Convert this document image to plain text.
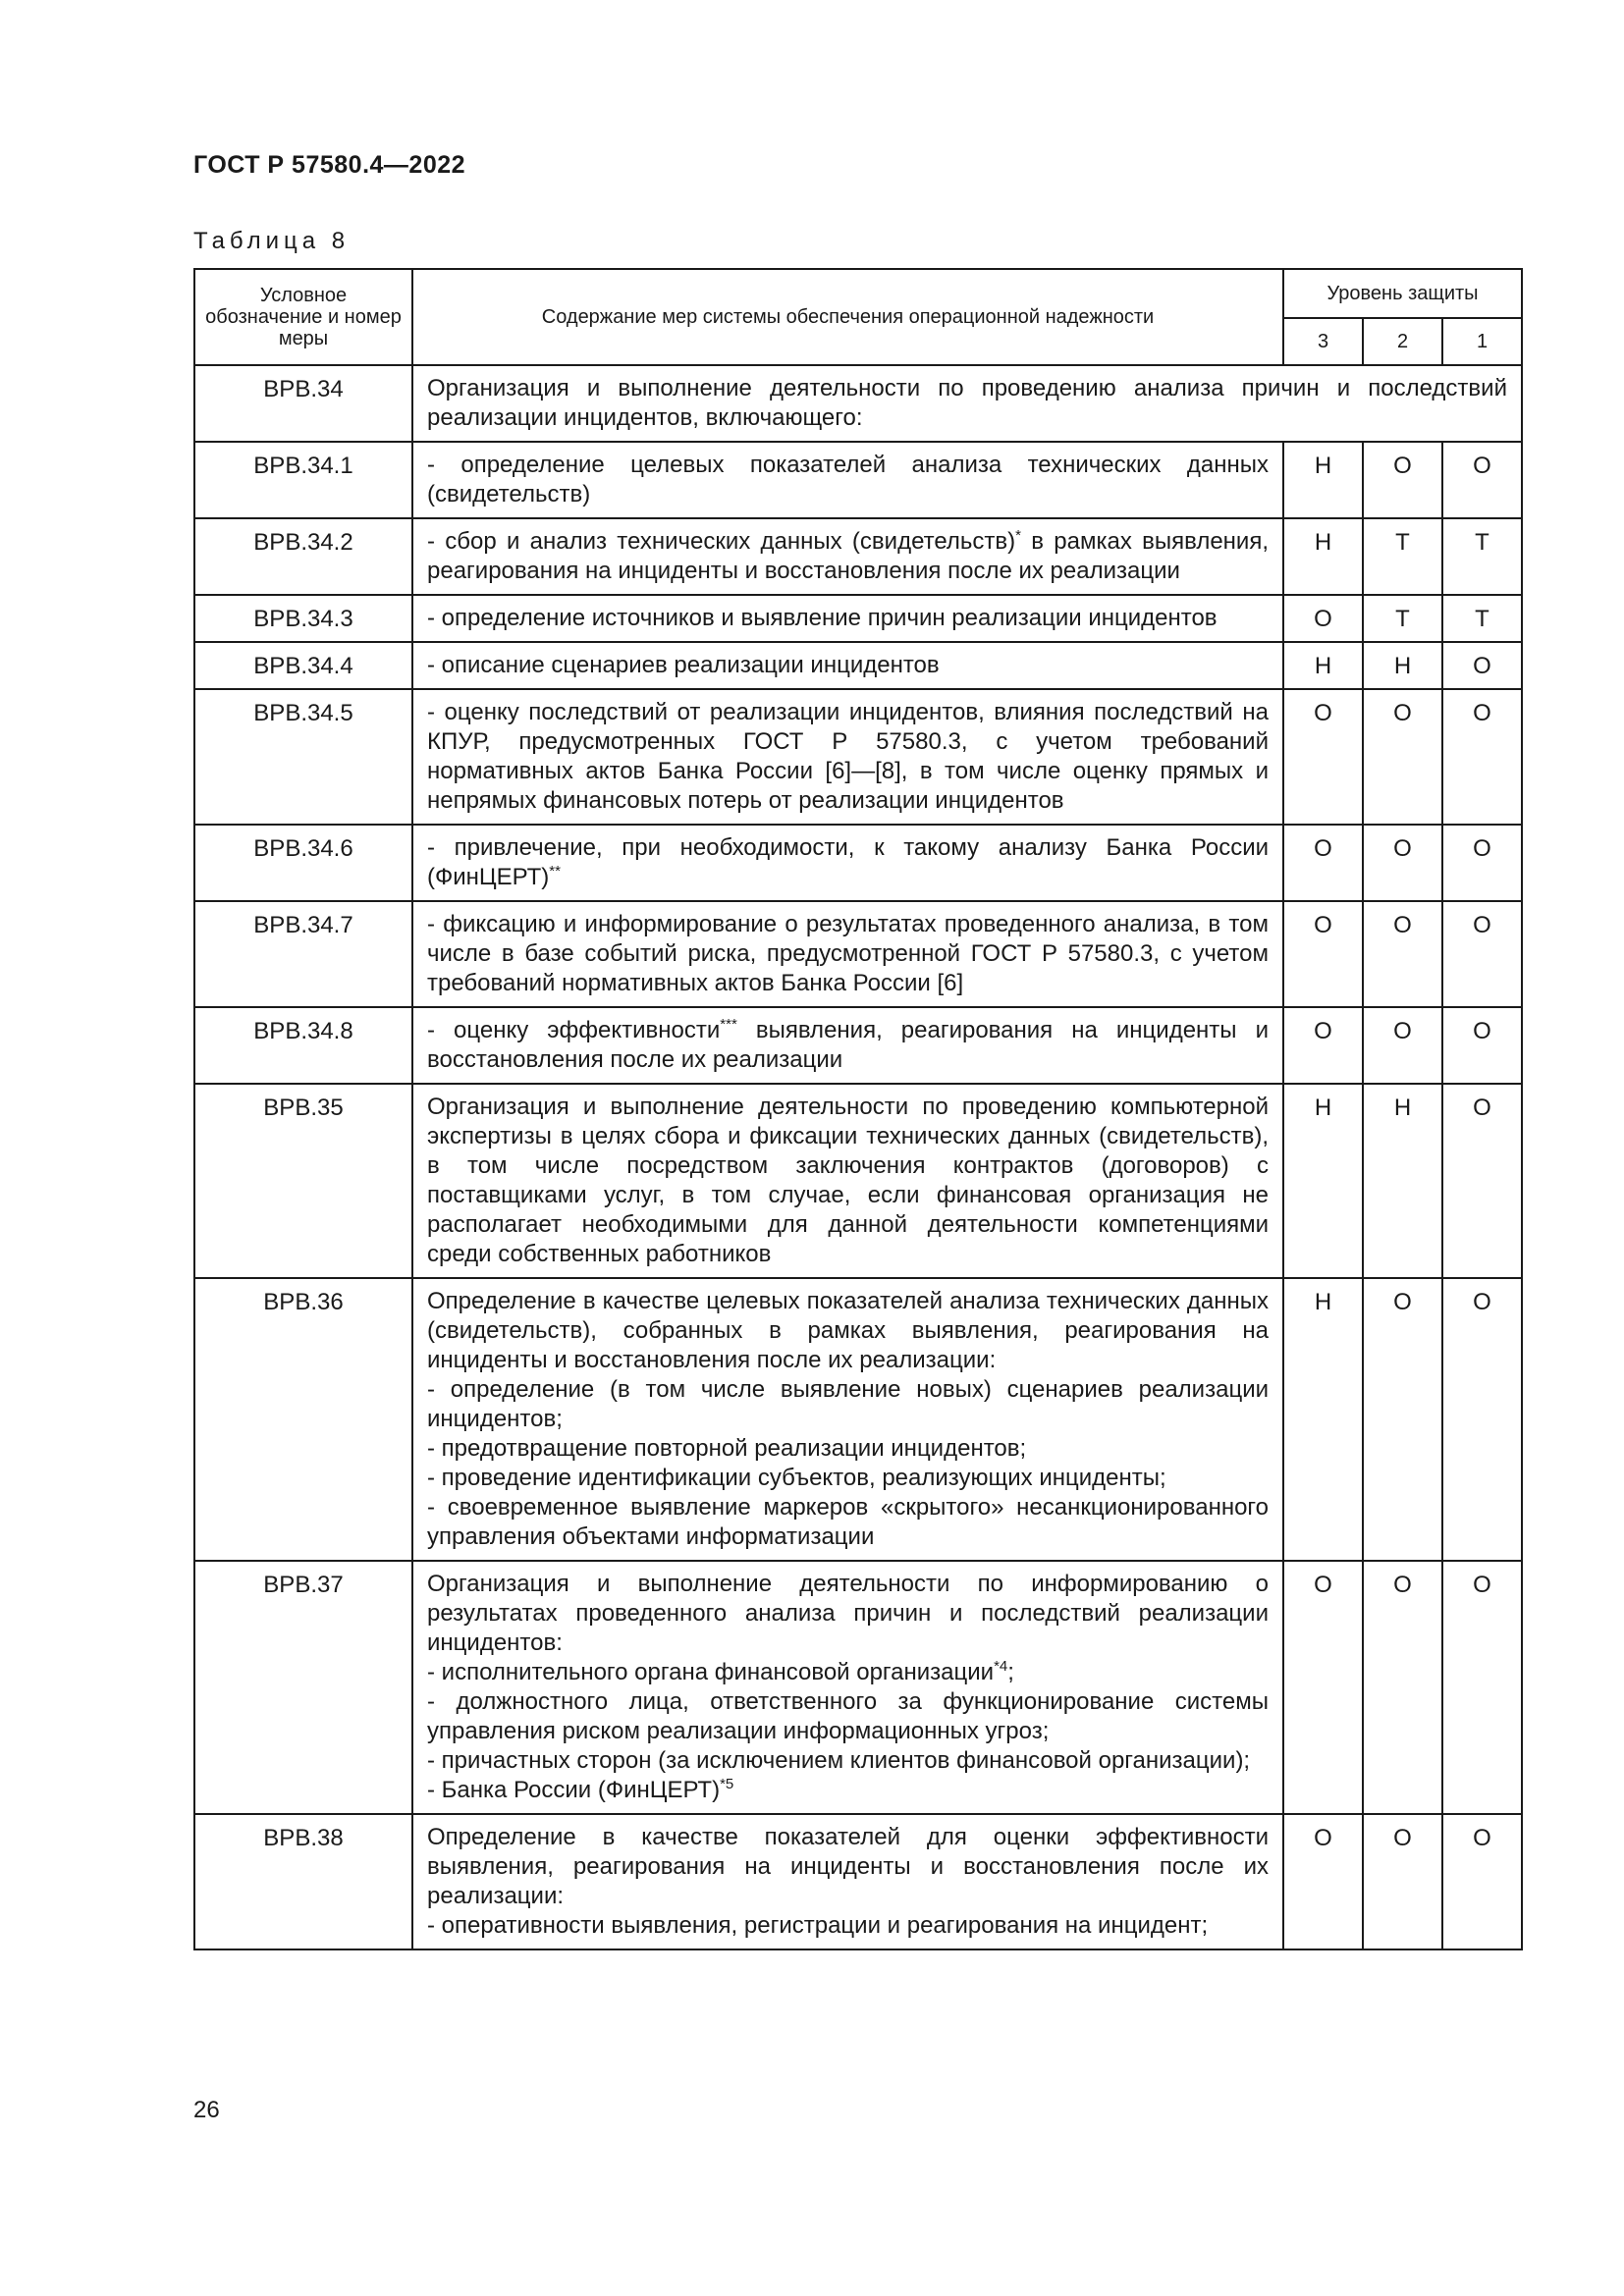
ГОСТ Р 57580.4—2022
Таблица 8
Условное обозначение и номер меры	Содержание мер системы обеспечения операционной надежности	Уровень защиты		
		3	2	1
ВРВ.34	Организация и выполнение деятельности по проведению анализа причин и последствий реализации инцидентов, включающего:			
ВРВ.34.1	- определение целевых показателей анализа технических данных (свидетельств)	Н	О	О
ВРВ.34.2	- сбор и анализ технических данных (свидетельств)* в рамках выявления, реагирования на инциденты и восстановления после их реализации	Н	Т	Т
ВРВ.34.3	- определение источников и выявление причин реализации инцидентов	О	Т	Т
ВРВ.34.4	- описание сценариев реализации инцидентов	Н	Н	О
ВРВ.34.5	- оценку последствий от реализации инцидентов, влияния последствий на КПУР, предусмотренных ГОСТ Р 57580.3, с учетом требований нормативных актов Банка России [6]—[8], в том числе оценку прямых и непрямых финансовых потерь от реализации инцидентов	О	О	О
ВРВ.34.6	- привлечение, при необходимости, к такому анализу Банка России (ФинЦЕРТ)**	О	О	О
ВРВ.34.7	- фиксацию и информирование о результатах проведенного анализа, в том числе в базе событий риска, предусмотренной ГОСТ Р 57580.3, с учетом требований нормативных актов Банка России [6]	О	О	О
ВРВ.34.8	- оценку эффективности*** выявления, реагирования на инциденты и восстановления после их реализации	О	О	О
ВРВ.35	Организация и выполнение деятельности по проведению компьютерной экспертизы в целях сбора и фиксации технических данных (свидетельств), в том числе посредством заключения контрактов (договоров) с поставщиками услуг, в том случае, если финансовая организация не располагает необходимыми для данной деятельности компетенциями среди собственных работников	Н	Н	О
ВРВ.36	Определение в качестве целевых показателей анализа технических данных (свидетельств), собранных в рамках выявления, реагирования на инциденты и восстановления после их реализации:
- определение (в том числе выявление новых) сценариев реализации инцидентов;
- предотвращение повторной реализации инцидентов;
- проведение идентификации субъектов, реализующих инциденты;
- своевременное выявление маркеров «скрытого» несанкционированного управления объектами информатизации	Н	О	О
ВРВ.37	Организация и выполнение деятельности по информированию о результатах проведенного анализа причин и последствий реализации инцидентов:
- исполнительного органа финансовой организации$^{*4}$;
- должностного лица, ответственного за функционирование системы управления риском реализации информационных угроз;
- причастных сторон (за исключением клиентов финансовой организации);
- Банка России (ФинЦЕРТ)$^{*5}$	О	О	О
ВРВ.38	Определение в качестве показателей для оценки эффективности выявления, реагирования на инциденты и восстановления после их реализации:
- оперативности выявления, регистрации и реагирования на инцидент;	О	О	О
26
